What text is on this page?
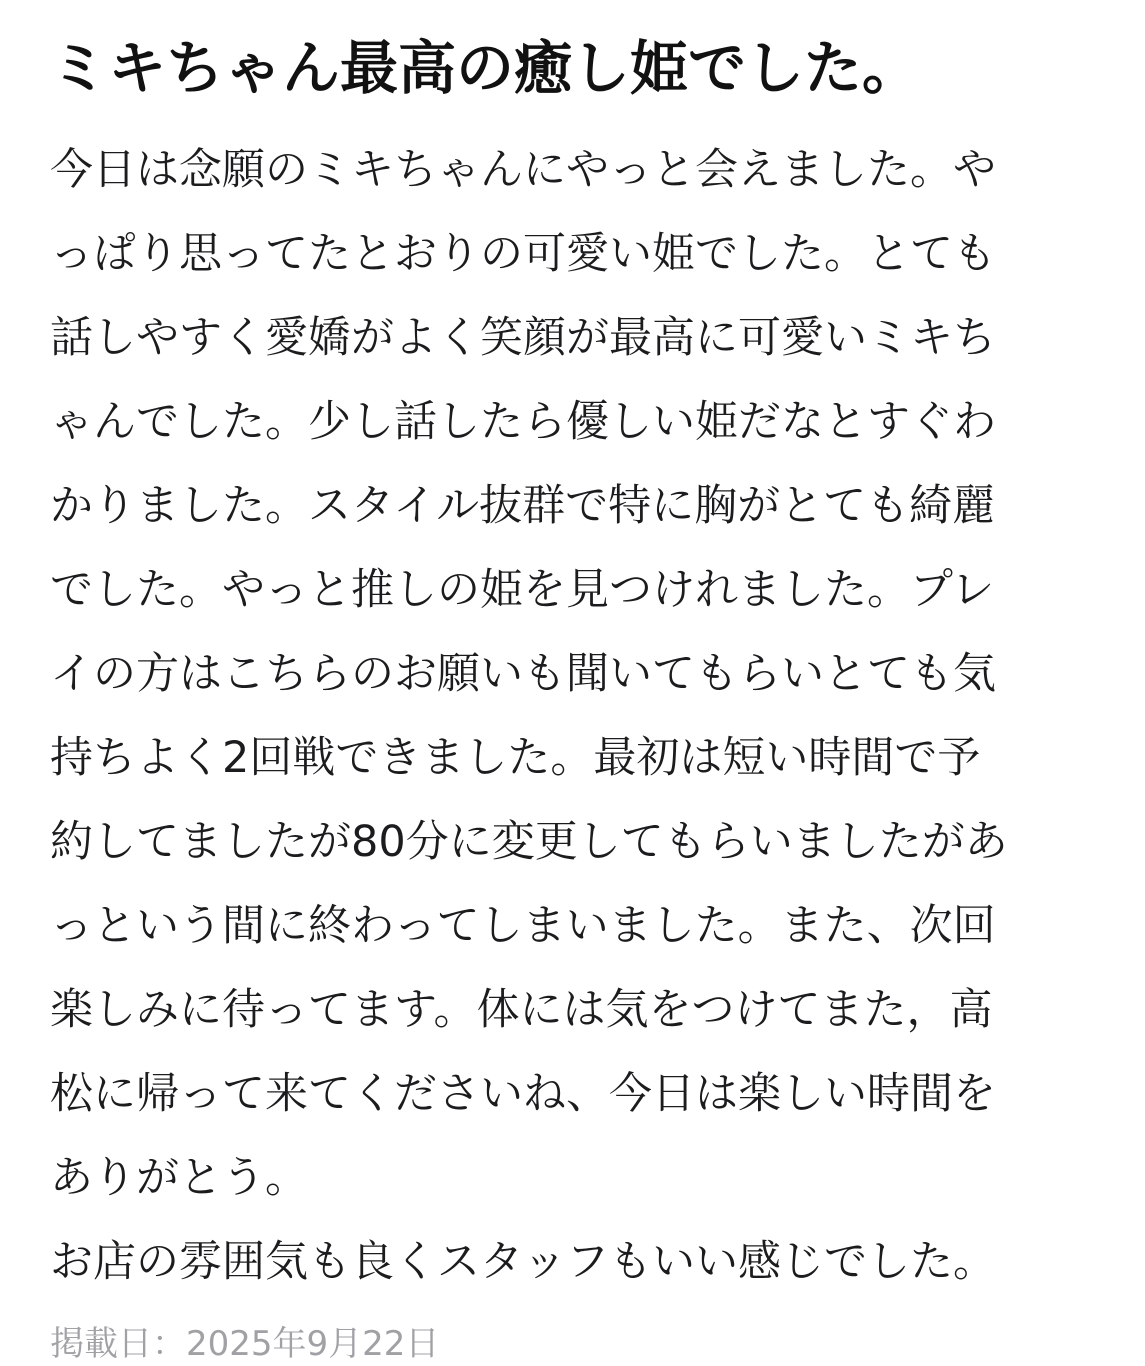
ミキちゃん最高の癒し姫でした。
今日は念願のミキちゃんにやっと会えました。や
っぱり思ってたとおりの可愛い姫でした。とても
話しやすく愛嬌がよく笑顔が最高に可愛いミキち
ゃんでした。少し話したら優しい姫だなとすぐわ
かりました。スタイル抜群で特に胸がとても綺麗
でした。やっと推しの姫を見つけれました。プレ
イの方はこちらのお願いも聞いてもらいとても気
持ちよく2回戦できました。最初は短い時間で予
約してましたが80分に変更してもらいましたがあ
っという間に終わってしまいました。また、次回
楽しみに待ってます。体には気をつけてまた，高
松に帰って来てくださいね、今日は楽しい時間を
ありがとう。
お店の雰囲気も良くスタッフもいい感じでした。
掲載日：2025年9月22日
